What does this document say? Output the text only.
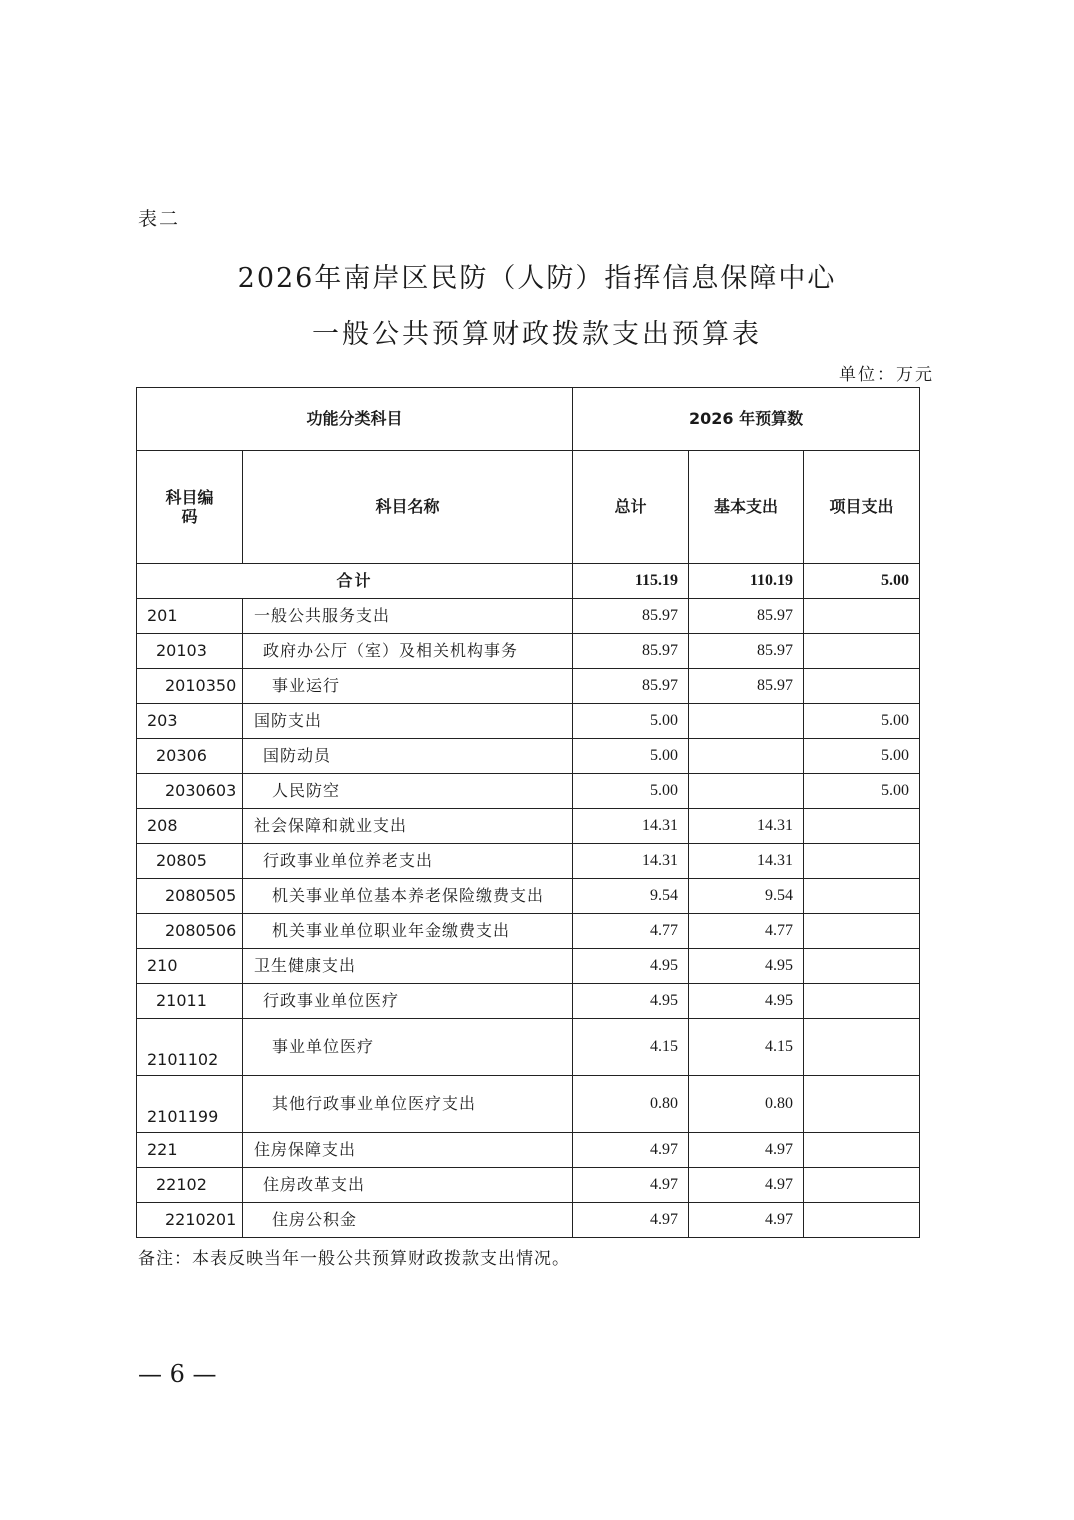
表二
2026年南岸区民防（人防）指挥信息保障中心
一般公共预算财政拨款支出预算表
单位：万元
功能分类科目		2026 年预算数		

科目编
码	科目名称	总计	基本支出	项目支出
合计		115.19	110.19	5.00
201	一般公共服务支出	85.97	85.97	
20103	政府办公厅（室）及相关机构事务	85.97	85.97	
2010350	事业运行	85.97	85.97	
203	国防支出	5.00		5.00
20306	国防动员	5.00		5.00
2030603	人民防空	5.00		5.00
208	社会保障和就业支出	14.31	14.31	
20805	行政事业单位养老支出	14.31	14.31	
2080505	机关事业单位基本养老保险缴费支出	9.54	9.54	
2080506	机关事业单位职业年金缴费支出	4.77	4.77	
210	卫生健康支出	4.95	4.95	
21011	行政事业单位医疗	4.95	4.95	
2101102	事业单位医疗	4.15	4.15	
2101199	其他行政事业单位医疗支出	0.80	0.80	
221	住房保障支出	4.97	4.97	
22102	住房改革支出	4.97	4.97	
2210201	住房公积金	4.97	4.97	
备注：本表反映当年一般公共预算财政拨款支出情况。
— 6 —
